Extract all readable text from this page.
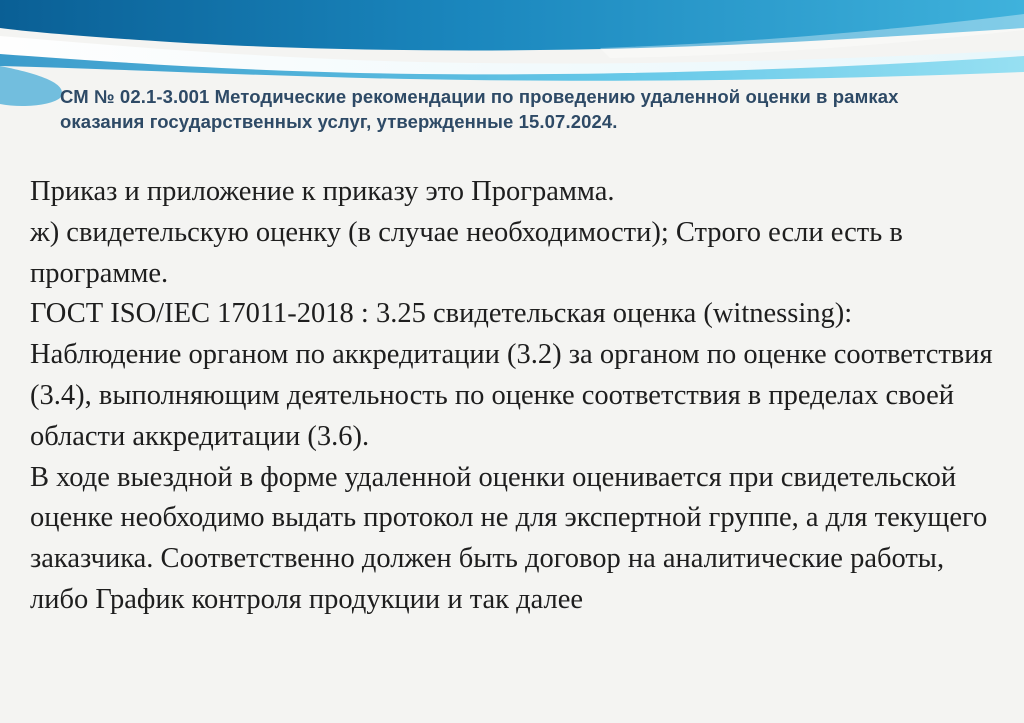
СМ № 02.1-3.001 Методические рекомендации по проведению удаленной оценки в рамках оказания государственных услуг, утвержденные 15.07.2024.

Приказ и приложение к приказу это Программа.

ж) свидетельскую оценку (в случае необходимости); Строго если есть в программе.

ГОСТ ISO/IEC 17011-2018 : 3.25 свидетельская оценка (witnessing): Наблюдение органом по аккредитации (3.2) за органом по оценке соответствия (3.4), выполняющим деятельность по оценке соответствия в пределах своей области аккредитации (3.6).

В ходе выездной в форме удаленной оценки оценивается при свидетельской оценке необходимо выдать протокол не для экспертной группе, а для текущего заказчика. Соответственно должен быть договор на аналитические работы, либо График контроля продукции и так далее
